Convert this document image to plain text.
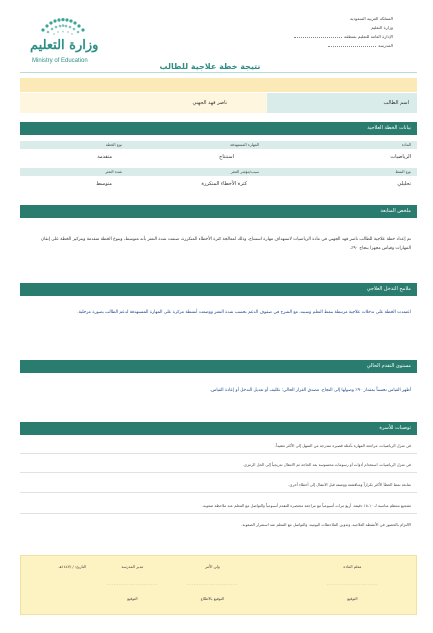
المملكة العربية السعودية
وزارة التعليم
الإدارة العامة للتعليم بمنطقة
المدرسة
وزارة التعليم
Ministry of Education
نتيجة خطة علاجية للطالب
اسم الطالب
ناصر فهد الجهني
بيانات الخطة العلاجية
المادة
المهارة المستهدفة
نوع الخطة
الرياضيات
استنتاج
متقدمة
نوع النمط
سبب/مؤشر التعثر
شدة التعثر
تحليلي
كثرة الأخطاء المتكررة
متوسط
ملخص المتابعة
تم إعداد خطة علاجية للطالب ناصر فهد الجهني في مادة الرياضيات لاستهداف مهارة استنتاج، وذلك لمعالجة كثرة الأخطاء المتكررة، صنفت شدة التعثر بأنه متوسط، وبنوع الخطة متقدمة وبتركيز الخطة على إتقان المهارات وقياس مجهزا بنجاح ٩٠٪.
ملامح التدخل العلاجي
اعتمدت الخطة على تدخلات علاجية مرتبطة بنمط التعلم وسببه، مع الشرح في صفوف الدعم بحسب شدة التعثر ووضعت أنشطة مركزة على المهارة المستهدفة لدعم الطالب بصورة مرحلية.
مستوى التقدم الحالي
أظهر القياس تحسناً بمقدار ٩٠٪ وصولها إلى النجاح. مصدق القرار الحالي: تكليف أو تعديل التدخل أو إعادة القياس.
توصيات للأسرة
في منزل الرياضيات، مراجعة المهارة بأمثلة قصيرة متدرجة من السهل إلى الأكثر تعقيداً.
في منزل الرياضيات، استخدام أدوات أو رسومات محسوسة بعد الحاجة ثم الانتقال تدريجياً إلى الحل الرمزي.
متابعة نمط الخطأ الأكثر تكراراً ومناقشته ووصفه قبل الانتقال إلى أخطاء أخرى.
تشجيع منتظم مناسبة لـ ١٠-١٥ دقيقة، أربع مرات أسبوعياً مع مراجعة مختصرة للتقدم أسبوعياً والتواصل مع المعلم عند ملاحظة صعوبة.
الالتزام بالحضور في الأنشطة العلاجية، وتدوين الملاحظات اليومية، والتواصل مع المعلم عند استمرار الصعوبة.
معلم المادة
..............................
التوقيع
ولي الأمر
..............................
التوقيع بالاطلاع
مدير المدرسة
..............................
التوقيع
التاريخ: / /١٤٤٧هـ
